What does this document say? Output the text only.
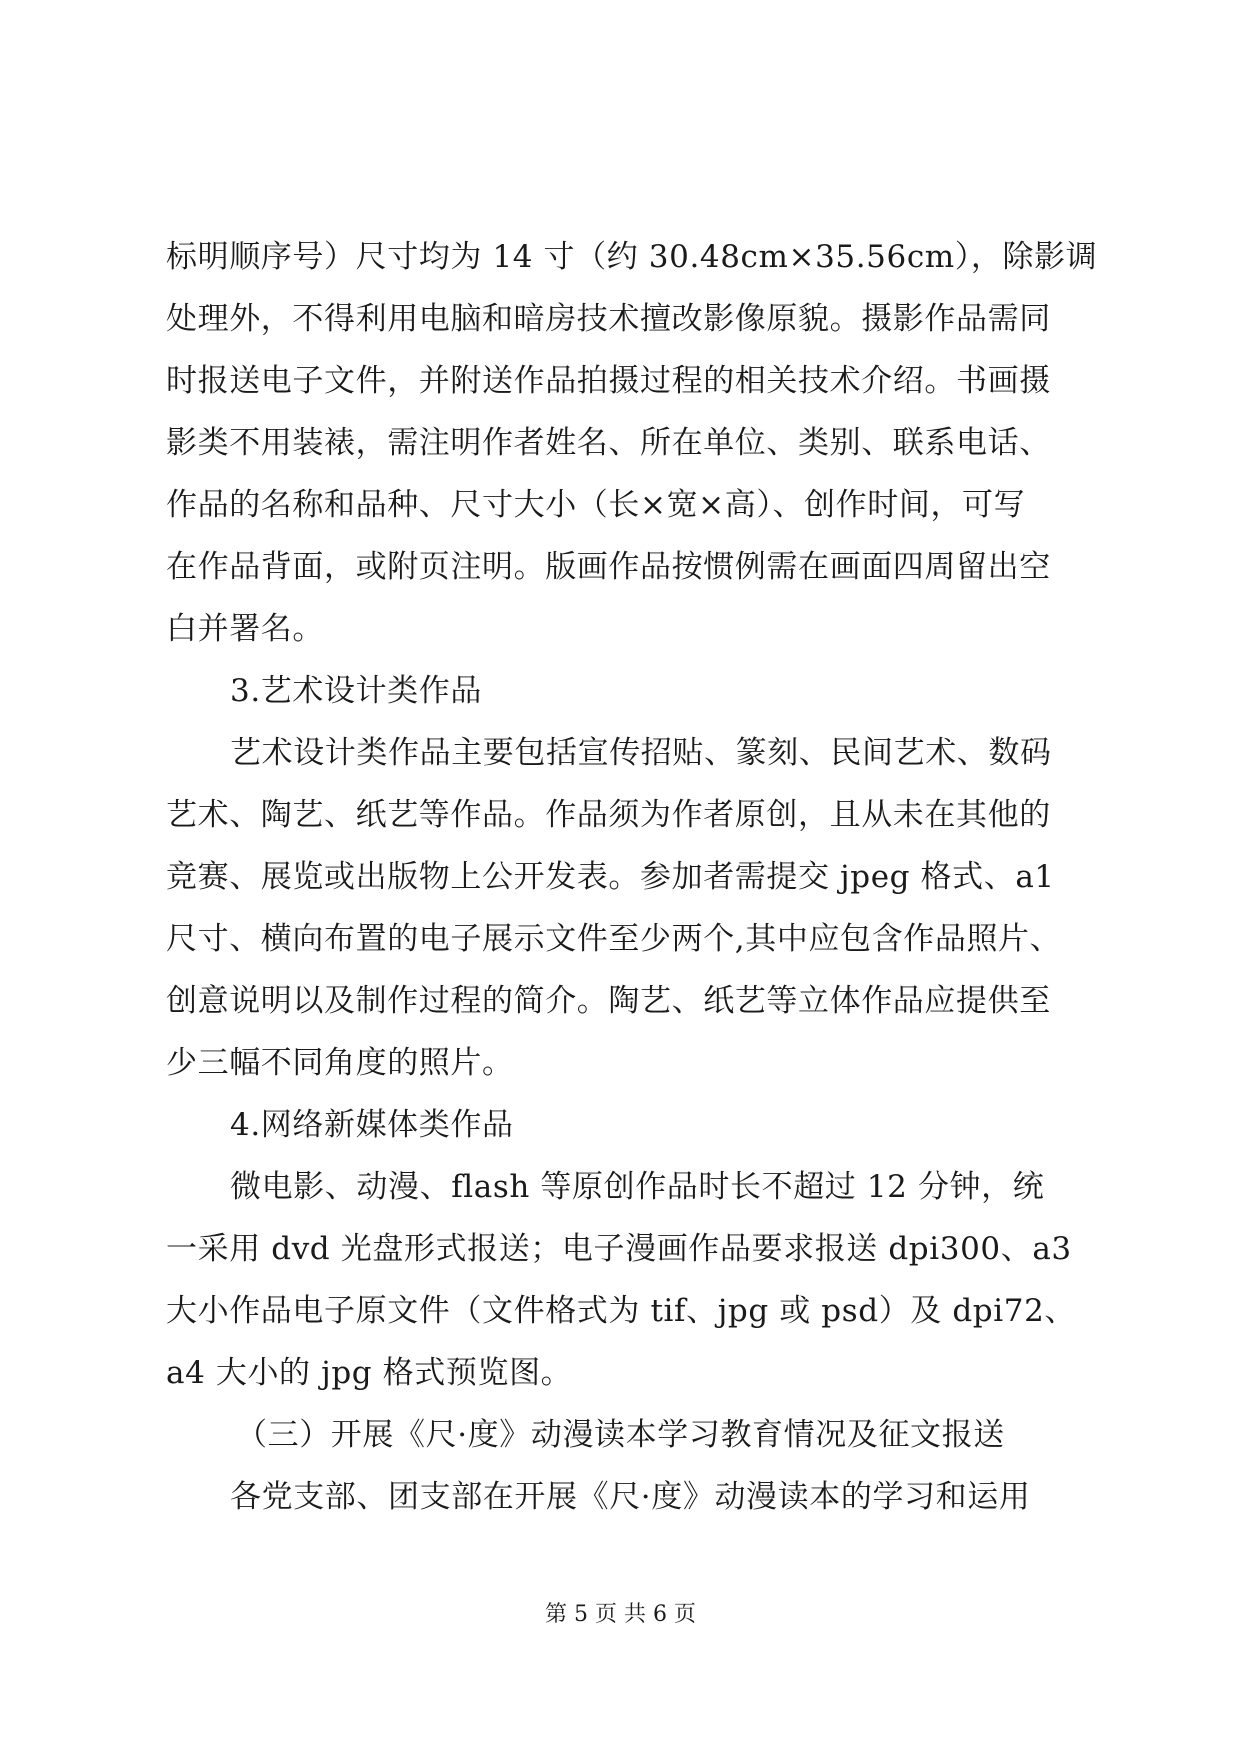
标明顺序号）尺寸均为 14 寸（约 30.48cm×35.56cm），除影调
处理外，不得利用电脑和暗房技术擅改影像原貌。摄影作品需同
时报送电子文件，并附送作品拍摄过程的相关技术介绍。书画摄
影类不用装裱，需注明作者姓名、所在单位、类别、联系电话、
作品的名称和品种、尺寸大小（长×宽×高）、创作时间，可写
在作品背面，或附页注明。版画作品按惯例需在画面四周留出空
白并署名。
3.艺术设计类作品
艺术设计类作品主要包括宣传招贴、篆刻、民间艺术、数码
艺术、陶艺、纸艺等作品。作品须为作者原创，且从未在其他的
竞赛、展览或出版物上公开发表。参加者需提交 jpeg 格式、a1
尺寸、横向布置的电子展示文件至少两个,其中应包含作品照片、
创意说明以及制作过程的简介。陶艺、纸艺等立体作品应提供至
少三幅不同角度的照片。
4.网络新媒体类作品
微电影、动漫、flash 等原创作品时长不超过 12 分钟，统
一采用 dvd 光盘形式报送；电子漫画作品要求报送 dpi300、a3
大小作品电子原文件（文件格式为 tif、jpg 或 psd）及 dpi72、
a4 大小的 jpg 格式预览图。
（三）开展《尺·度》动漫读本学习教育情况及征文报送
各党支部、团支部在开展《尺·度》动漫读本的学习和运用
第 5 页 共 6 页
